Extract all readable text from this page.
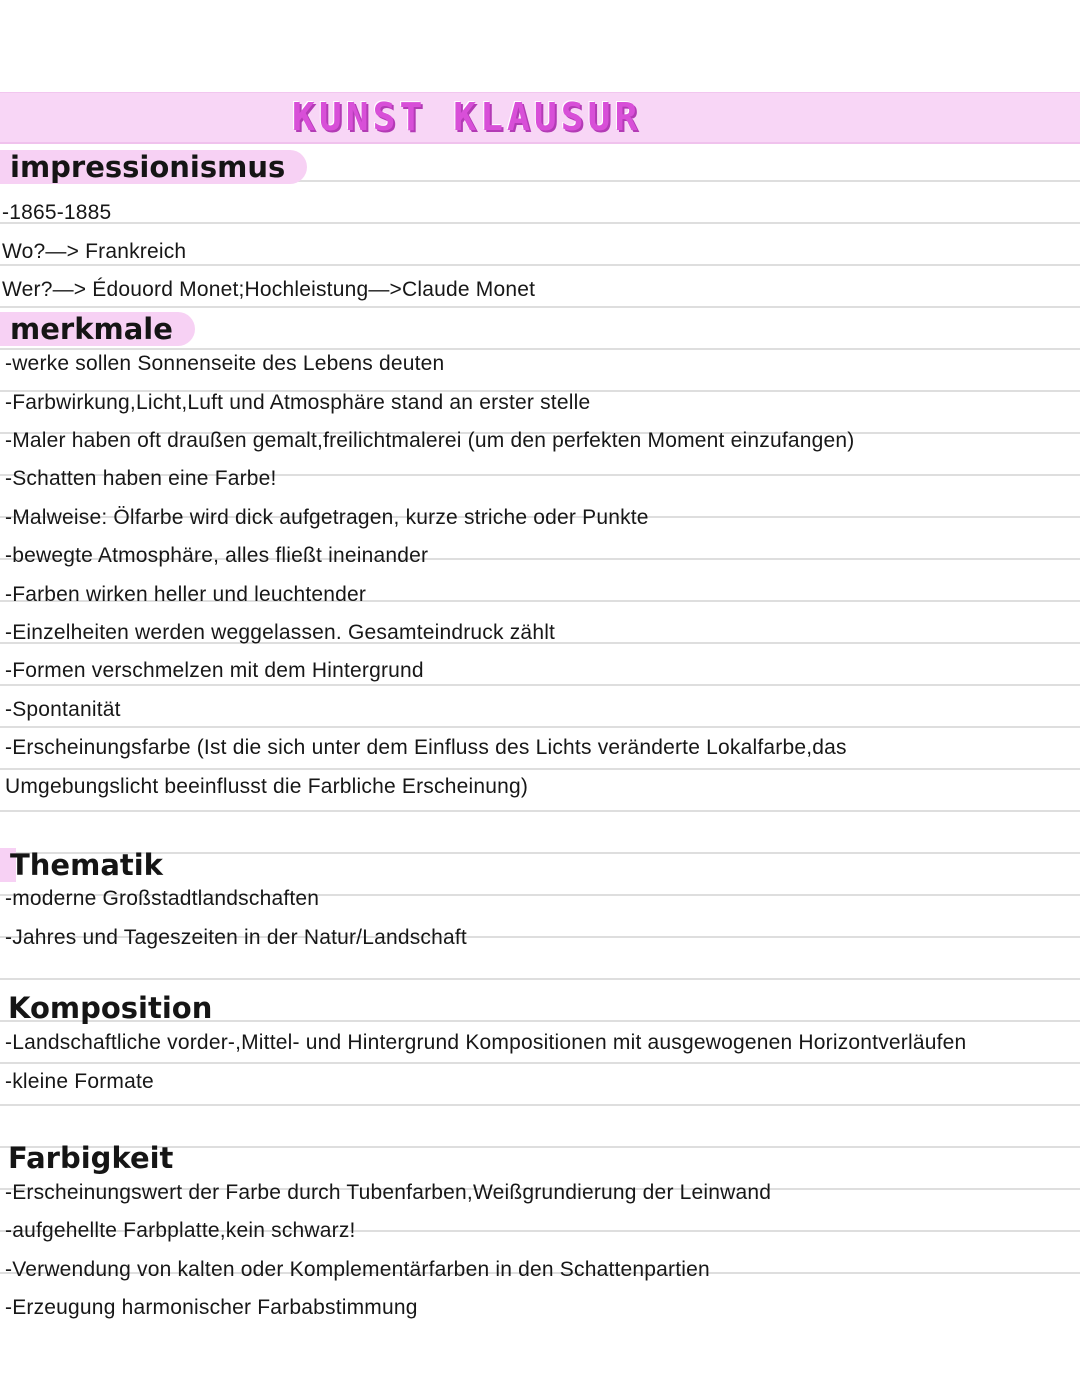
KUNST KLAUSUR
impressionismus
-1865-1885
Wo?—> Frankreich
Wer?—> Édouord Monet;Hochleistung—>Claude Monet
merkmale
-werke sollen Sonnenseite des Lebens deuten
-Farbwirkung,Licht,Luft und Atmosphäre stand an erster stelle
-Maler haben oft draußen gemalt,freilichtmalerei (um den perfekten Moment einzufangen)
-Schatten haben eine Farbe!
-Malweise: Ölfarbe wird dick aufgetragen, kurze striche oder Punkte
-bewegte Atmosphäre, alles fließt ineinander
-Farben wirken heller und leuchtender
-Einzelheiten werden weggelassen. Gesamteindruck zählt
-Formen verschmelzen mit dem Hintergrund
-Spontanität
-Erscheinungsfarbe (Ist die sich unter dem Einfluss des Lichts veränderte Lokalfarbe,das
Umgebungslicht beeinflusst die Farbliche Erscheinung)
Thematik
-moderne Großstadtlandschaften
-Jahres und Tageszeiten in der Natur/Landschaft
Komposition
-Landschaftliche vorder-,Mittel- und Hintergrund Kompositionen mit ausgewogenen Horizontverläufen
-kleine Formate
Farbigkeit
-Erscheinungswert der Farbe durch Tubenfarben,Weißgrundierung der Leinwand
-aufgehellte Farbplatte,kein schwarz!
-Verwendung von kalten oder Komplementärfarben in den Schattenpartien
-Erzeugung harmonischer Farbabstimmung
